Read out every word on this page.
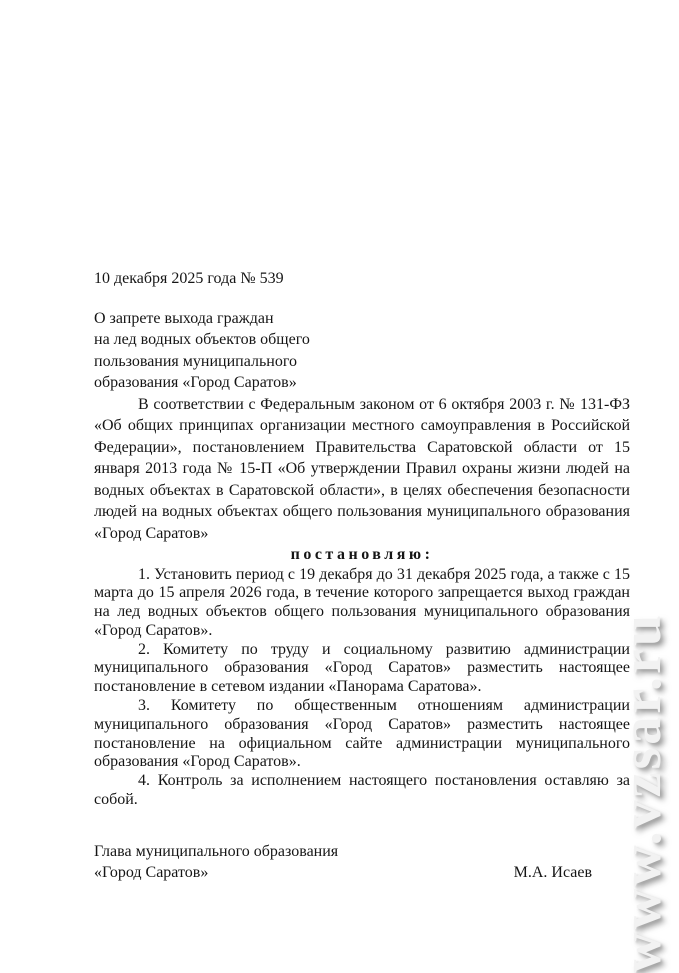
10 декабря 2025 года № 539

О запрете выхода граждан

на лед водных объектов общего

пользования муниципального

образования «Город Саратов»

В соответствии с Федеральным законом от 6 октября 2003 г. № 131-ФЗ «Об общих принципах организации местного самоуправления в Российской Федерации», постановлением Правительства Саратовской области от 15 января 2013 года № 15-П «Об утверждении Правил охраны жизни людей на водных объектах в Саратовской области», в целях обеспечения безопасности людей на водных объектах общего пользования муниципального образования «Город Саратов»

постановляю:

1. Установить период с 19 декабря до 31 декабря 2025 года, а также с 15 марта до 15 апреля 2026 года, в течение которого запрещается выход граждан на лед водных объектов общего пользования муниципального образования «Город Саратов».

2. Комитету по труду и социальному развитию администрации муниципального образования «Город Саратов» разместить настоящее постановление в сетевом издании «Панорама Саратова».

3. Комитету по общественным отношениям администрации муниципального образования «Город Саратов» разместить настоящее постановление на официальном сайте администрации муниципального образования «Город Саратов».

4. Контроль за исполнением настоящего постановления оставляю за собой.

Глава муниципального образования

«Город Саратов»	М.А. Исаев www.vzsar.ru
